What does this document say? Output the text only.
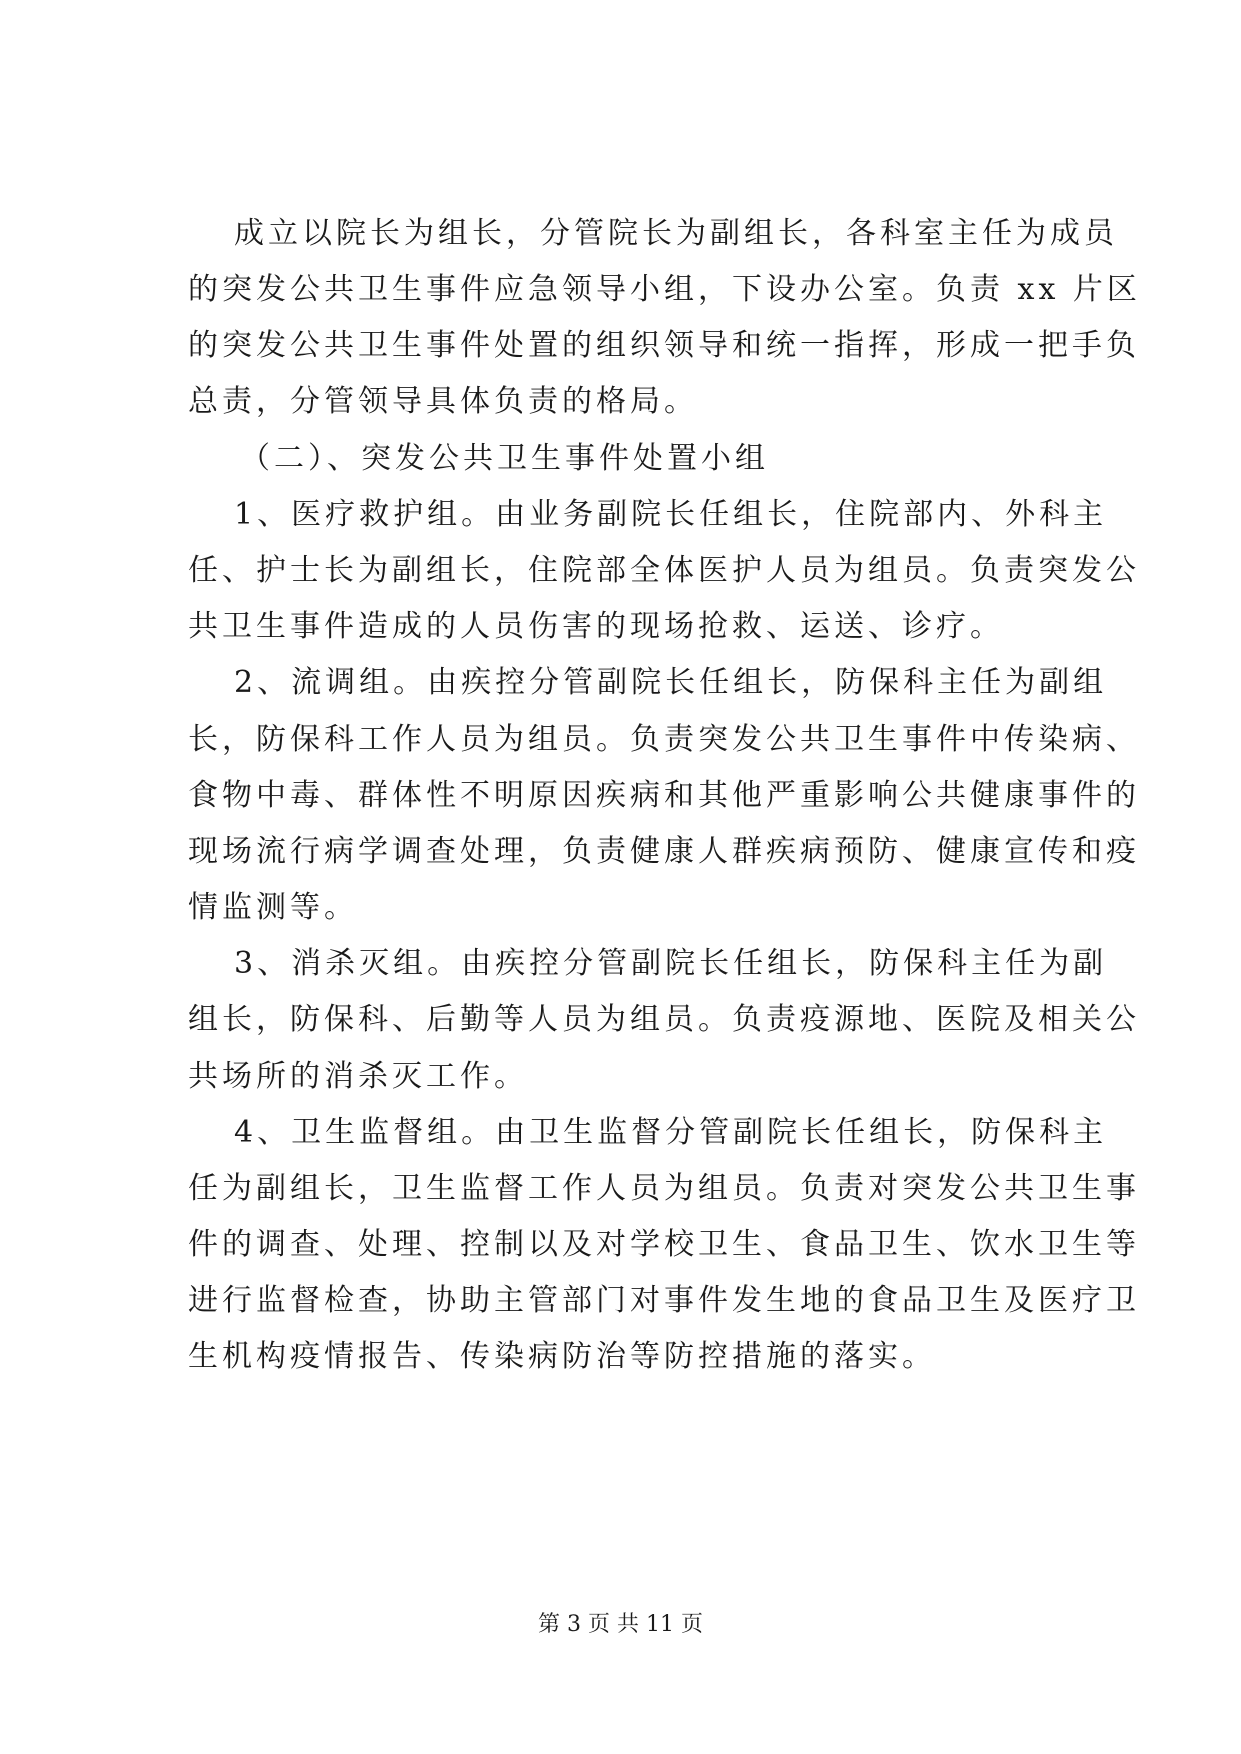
成立以院长为组长，分管院长为副组长，各科室主任为成员
的突发公共卫生事件应急领导小组，下设办公室。负责 xx 片区
的突发公共卫生事件处置的组织领导和统一指挥，形成一把手负
总责，分管领导具体负责的格局。
（二）、突发公共卫生事件处置小组
1、医疗救护组。由业务副院长任组长，住院部内、外科主
任、护士长为副组长，住院部全体医护人员为组员。负责突发公
共卫生事件造成的人员伤害的现场抢救、运送、诊疗。
2、流调组。由疾控分管副院长任组长，防保科主任为副组
长，防保科工作人员为组员。负责突发公共卫生事件中传染病、
食物中毒、群体性不明原因疾病和其他严重影响公共健康事件的
现场流行病学调查处理，负责健康人群疾病预防、健康宣传和疫
情监测等。
3、消杀灭组。由疾控分管副院长任组长，防保科主任为副
组长，防保科、后勤等人员为组员。负责疫源地、医院及相关公
共场所的消杀灭工作。
4、卫生监督组。由卫生监督分管副院长任组长，防保科主
任为副组长，卫生监督工作人员为组员。负责对突发公共卫生事
件的调查、处理、控制以及对学校卫生、食品卫生、饮水卫生等
进行监督检查，协助主管部门对事件发生地的食品卫生及医疗卫
生机构疫情报告、传染病防治等防控措施的落实。
第 3 页 共 11 页
